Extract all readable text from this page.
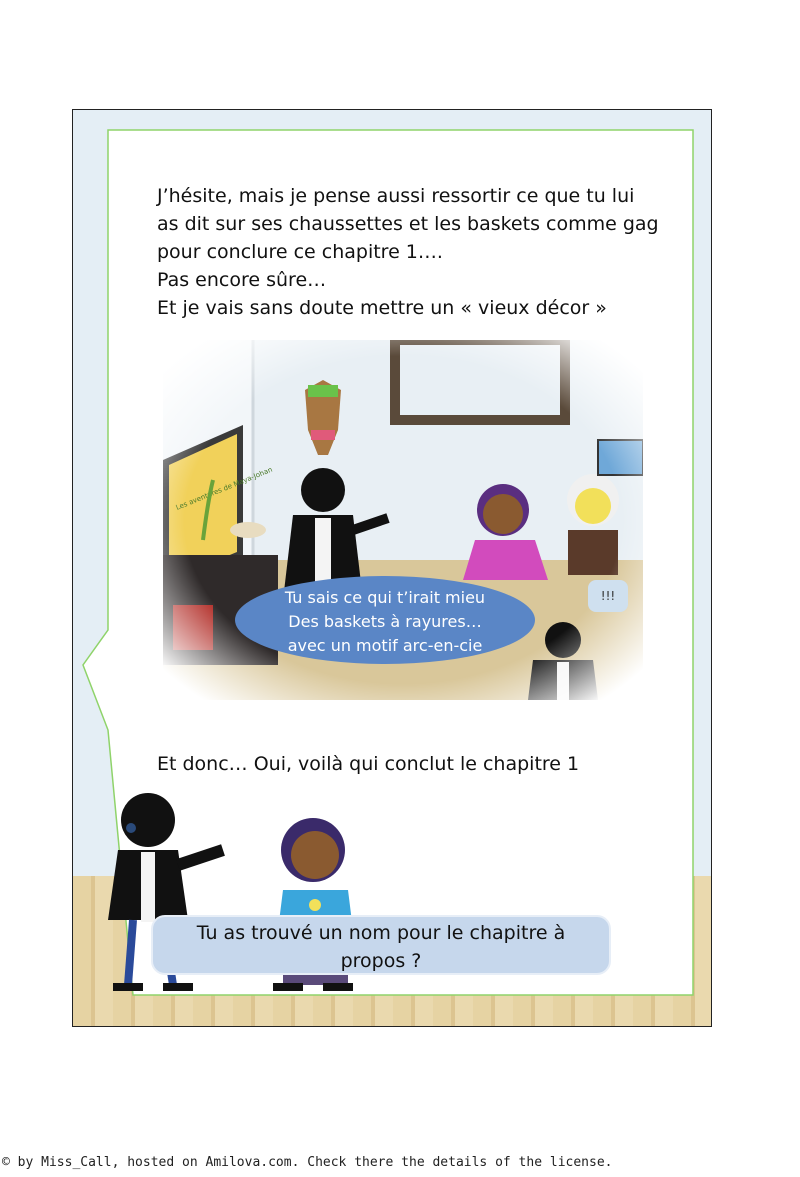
J’hésite, mais je pense aussi ressortir ce que tu lui
as dit sur ses chaussettes et les baskets comme gag
pour conclure ce chapitre 1….
Pas encore sûre…
Et je vais sans doute mettre un « vieux décor »
Tu sais ce qui t’irait mieu
Des baskets à rayures…
avec un motif arc-en-cie
!!!
Et donc… Oui, voilà qui conclut le chapitre 1
Tu as trouvé un nom pour le chapitre à
propos ?
© by Miss_Call, hosted on Amilova.com. Check there the details of the license.
